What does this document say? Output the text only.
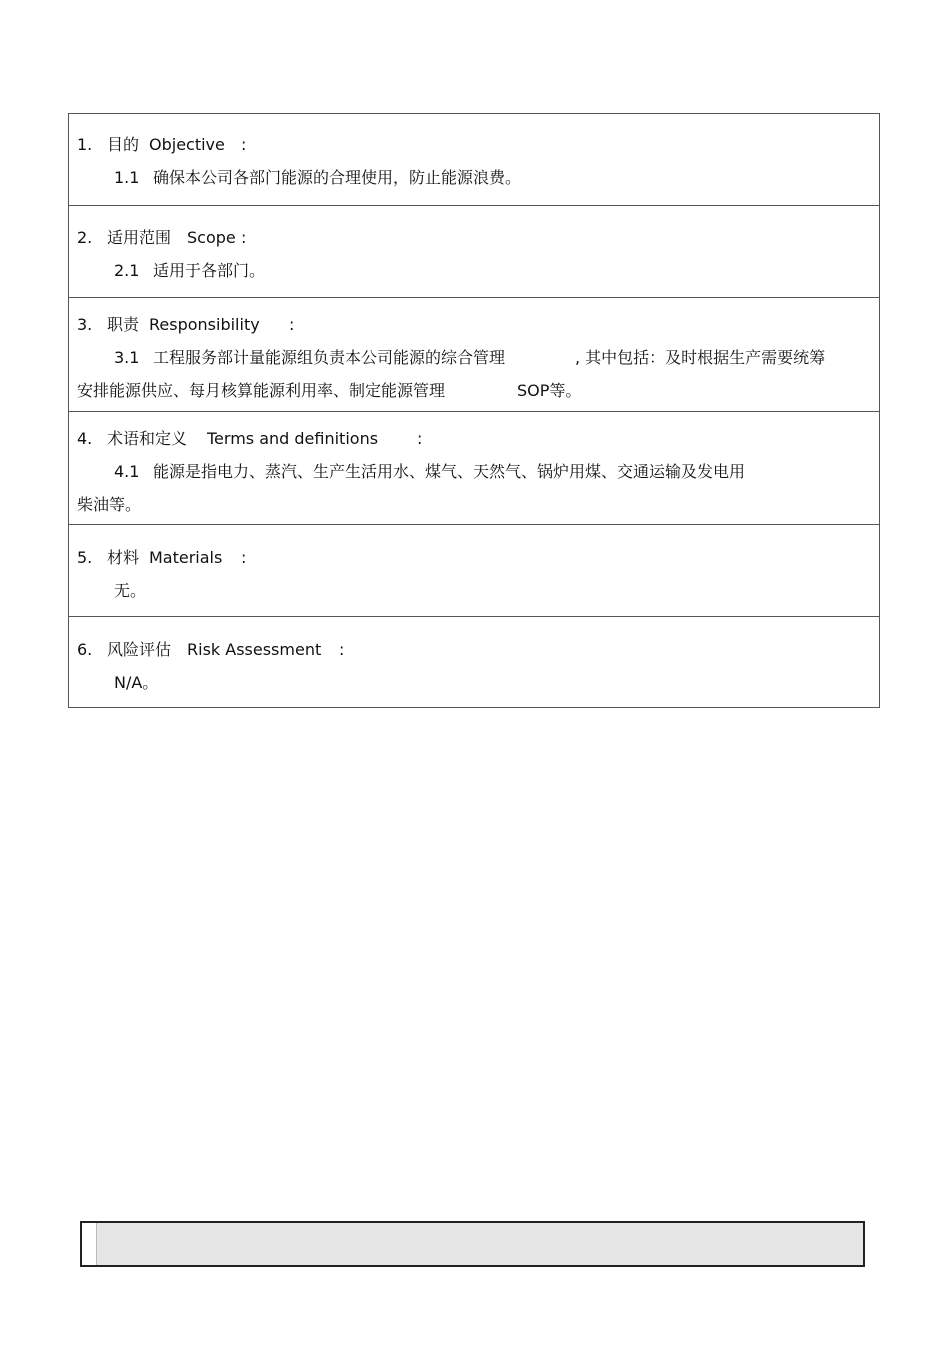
1. 目的 Objective :
1.1 确保本公司各部门能源的合理使用，防止能源浪费。
2. 适用范围 Scope :
2.1 适用于各部门。
3. 职责 Responsibility :
3.1 工程服务部计量能源组负责本公司能源的综合管理	, 其中包括：及时根据生产需要统筹
安排能源供应、每月核算能源利用率、制定能源管理	SOP等。
4. 术语和定义 Terms and definitions :
4.1 能源是指电力、蒸汽、生产生活用水、煤气、天然气、锅炉用煤、交通运输及发电用
柴油等。
5. 材料 Materials :
无。
6. 风险评估 Risk Assessment :
N/A。
